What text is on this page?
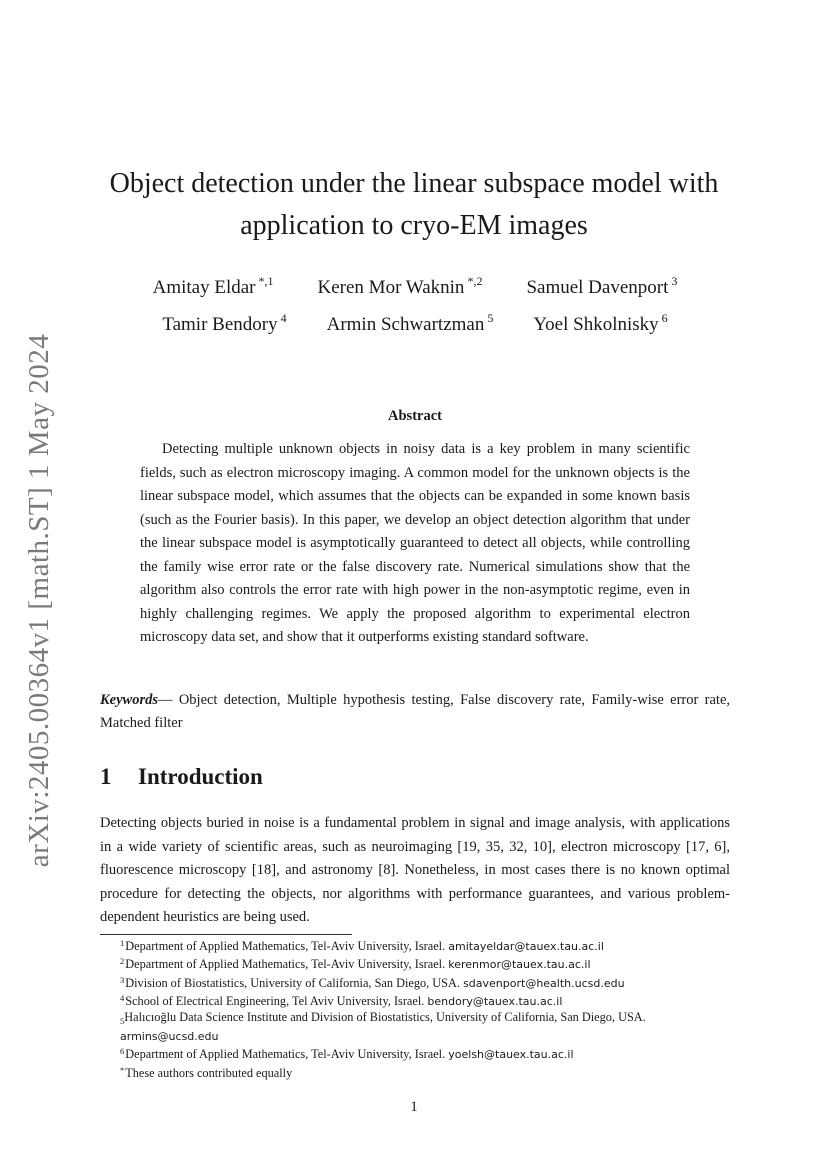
arXiv:2405.00364v1 [math.ST] 1 May 2024
Object detection under the linear subspace model with
application to cryo-EM images
Amitay Eldar $^{*,1}$ Keren Mor Waknin $^{*,2}$ Samuel Davenport $^3$
Tamir Bendory $^4$ Armin Schwartzman $^5$ Yoel Shkolnisky $^6$
Abstract

Detecting multiple unknown objects in noisy data is a key problem in many scientific fields, such as electron microscopy imaging. A common model for the unknown objects is the linear subspace model, which assumes that the objects can be expanded in some known basis (such as the Fourier basis). In this paper, we develop an object detection algorithm that under the linear subspace model is asymptotically guaranteed to detect all objects, while controlling the family wise error rate or the false discovery rate. Numerical simulations show that the algorithm also controls the error rate with high power in the non-asymptotic regime, even in highly challenging regimes. We apply the proposed algorithm to experimental electron microscopy data set, and show that it outperforms existing standard software.

Keywords— Object detection, Multiple hypothesis testing, False discovery rate, Family-wise error rate, Matched filter

1 Introduction

Detecting objects buried in noise is a fundamental problem in signal and image analysis, with applications in a wide variety of scientific areas, such as neuroimaging [19, 35, 32, 10], electron microscopy [17, 6], fluorescence microscopy [18], and astronomy [8]. Nonetheless, in most cases there is no known optimal procedure for detecting the objects, nor algorithms with performance guarantees, and various problem-dependent heuristics are being used.

$^1$Department of Applied Mathematics, Tel-Aviv University, Israel. amitayeldar@tauex.tau.ac.il
$^2$Department of Applied Mathematics, Tel-Aviv University, Israel. kerenmor@tauex.tau.ac.il
$^3$Division of Biostatistics, University of California, San Diego, USA. sdavenport@health.ucsd.edu
$^4$School of Electrical Engineering, Tel Aviv University, Israel. bendory@tauex.tau.ac.il
$_5$Halıcıoğlu Data Science Institute and Division of Biostatistics, University of California, San Diego, USA. armins@ucsd.edu
$^6$Department of Applied Mathematics, Tel-Aviv University, Israel. yoelsh@tauex.tau.ac.il
*These authors contributed equally
1
